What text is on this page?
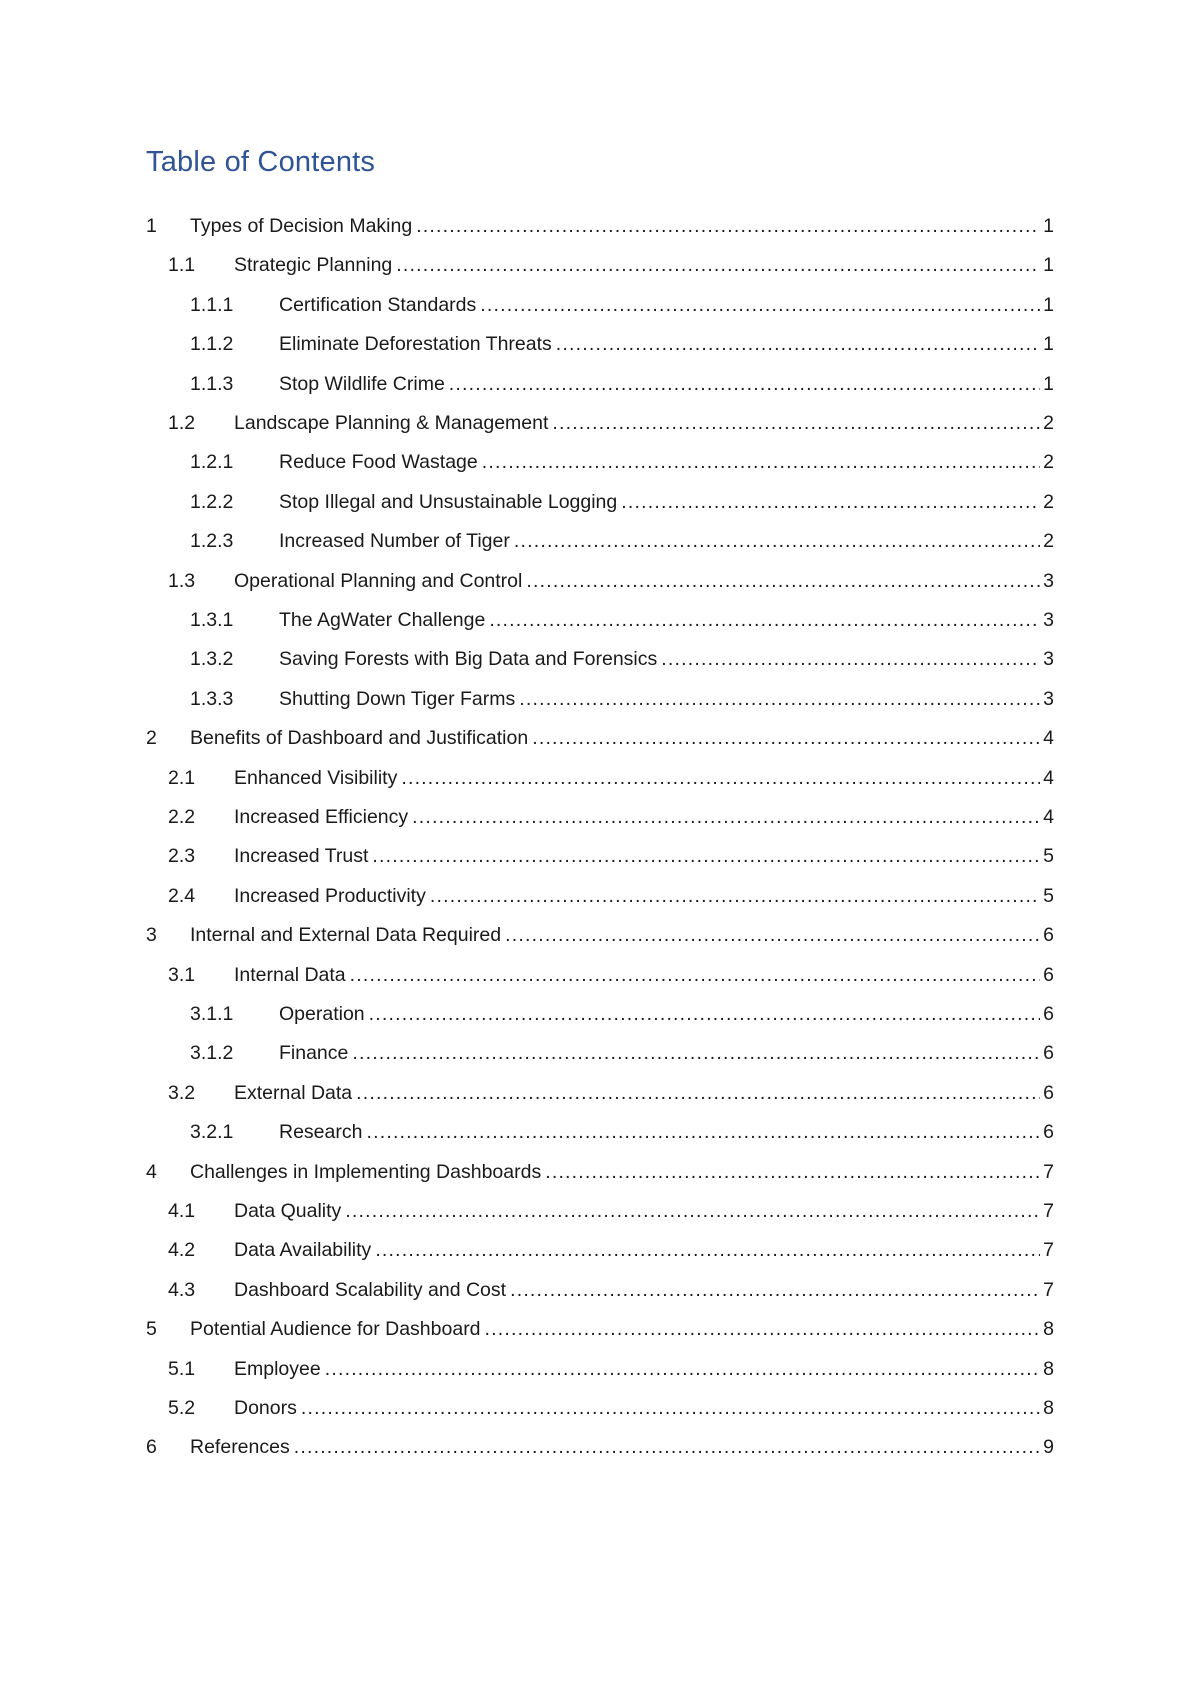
Table of Contents
1 Types of Decision Making .....	1
1.1 Strategic Planning .....	1
1.1.1 Certification Standards .....	1
1.1.2 Eliminate Deforestation Threats .....	1
1.1.3 Stop Wildlife Crime .....	1
1.2 Landscape Planning & Management .....	2
1.2.1 Reduce Food Wastage .....	2
1.2.2 Stop Illegal and Unsustainable Logging .....	2
1.2.3 Increased Number of Tiger .....	2
1.3 Operational Planning and Control .....	3
1.3.1 The AgWater Challenge .....	3
1.3.2 Saving Forests with Big Data and Forensics .....	3
1.3.3 Shutting Down Tiger Farms .....	3
2 Benefits of Dashboard and Justification .....	4
2.1 Enhanced Visibility .....	4
2.2 Increased Efficiency .....	4
2.3 Increased Trust .....	5
2.4 Increased Productivity .....	5
3 Internal and External Data Required .....	6
3.1 Internal Data .....	6
3.1.1 Operation .....	6
3.1.2 Finance .....	6
3.2 External Data .....	6
3.2.1 Research .....	6
4 Challenges in Implementing Dashboards .....	7
4.1 Data Quality .....	7
4.2 Data Availability .....	7
4.3 Dashboard Scalability and Cost .....	7
5 Potential Audience for Dashboard .....	8
5.1 Employee .....	8
5.2 Donors .....	8
6 References .....	9
